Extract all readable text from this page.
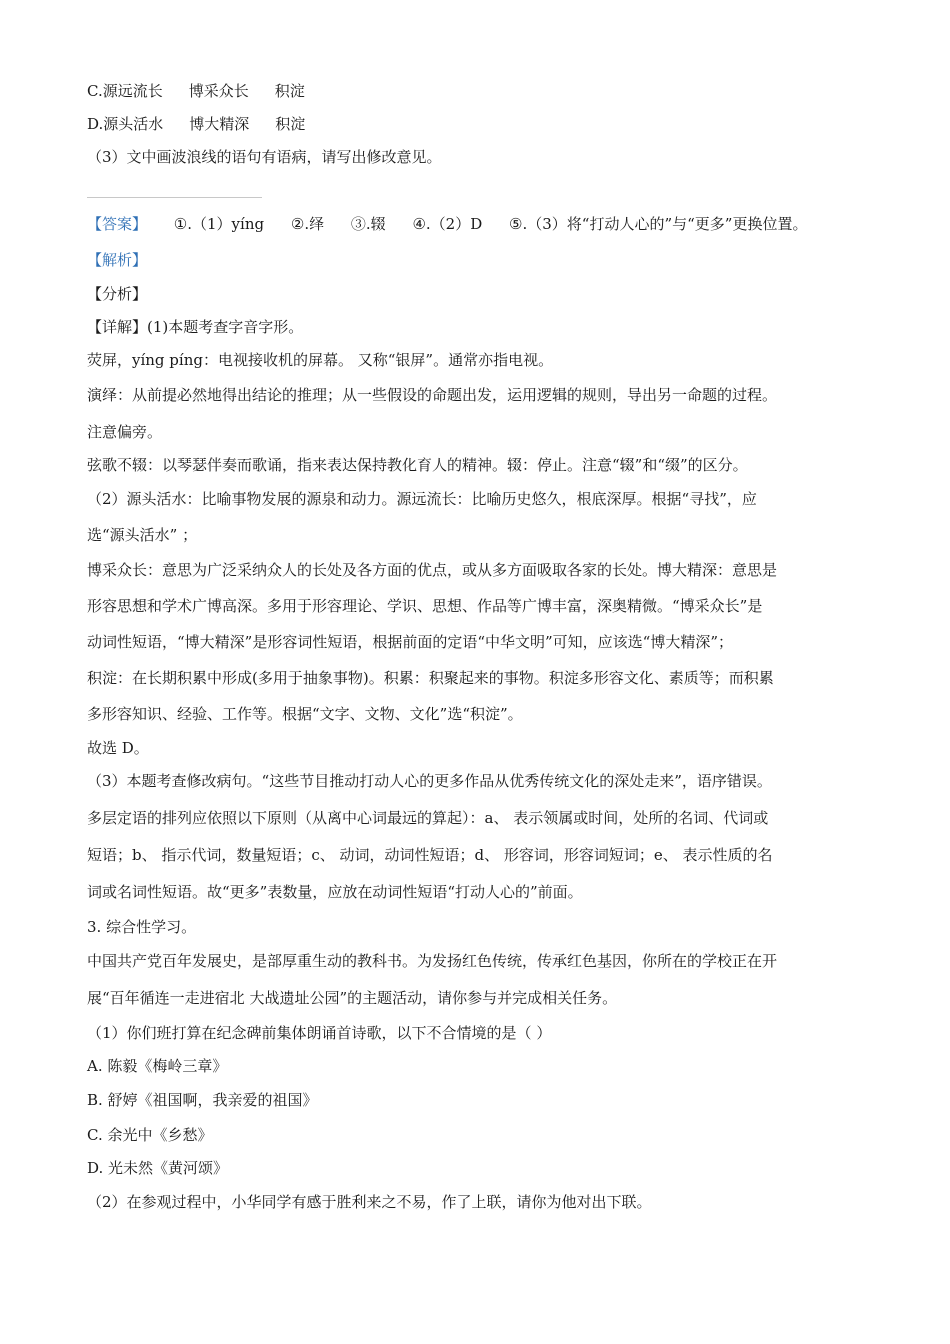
C.源远流长 博采众长 积淀
D.源头活水 博大精深 积淀
（3）文中画波浪线的语句有语病，请写出修改意见。
【答案】 ①.（1）yíng ②.绎 ③.辍 ④.（2）D ⑤.（3）将“打动人心的”与“更多”更换位置。
【解析】
【分析】
【详解】(1)本题考查字音字形。
荧屏，yíng píng：电视接收机的屏幕。 又称“银屏”。通常亦指电视。
演绎：从前提必然地得出结论的推理；从一些假设的命题出发，运用逻辑的规则，导出另一命题的过程。
注意偏旁。
弦歌不辍：以琴瑟伴奏而歌诵，指来表达保持教化育人的精神。辍：停止。注意“辍”和“缀”的区分。
（2）源头活水：比喻事物发展的源泉和动力。源远流长：比喻历史悠久，根底深厚。根据“寻找”，应
选“源头活水” ；
博采众长：意思为广泛采纳众人的长处及各方面的优点，或从多方面吸取各家的长处。博大精深：意思是
形容思想和学术广博高深。多用于形容理论、学识、思想、作品等广博丰富，深奥精微。“博采众长”是
动词性短语，“博大精深”是形容词性短语，根据前面的定语“中华文明”可知，应该选“博大精深”；
积淀：在长期积累中形成(多用于抽象事物)。积累：积聚起来的事物。积淀多形容文化、素质等；而积累
多形容知识、经验、工作等。根据“文字、文物、文化”选“积淀”。
故选 D。
（3）本题考查修改病句。“这些节目推动打动人心的更多作品从优秀传统文化的深处走来”，语序错误。
多层定语的排列应依照以下原则（从离中心词最远的算起）：a、 表示领属或时间，处所的名词、代词或
短语；b、 指示代词，数量短语；c、 动词，动词性短语；d、 形容词，形容词短词；e、 表示性质的名
词或名词性短语。故“更多”表数量，应放在动词性短语“打动人心的”前面。
3. 综合性学习。
中国共产党百年发展史，是部厚重生动的教科书。为发扬红色传统，传承红色基因，你所在的学校正在开
展“百年循连一走进宿北 大战遗址公园”的主题活动，请你参与并完成相关任务。
（1）你们班打算在纪念碑前集体朗诵首诗歌，以下不合情境的是（ ）
A. 陈毅《梅岭三章》
B. 舒婷《祖国啊，我亲爱的祖国》
C. 余光中《乡愁》
D. 光未然《黄河颂》
（2）在参观过程中，小华同学有感于胜利来之不易，作了上联，请你为他对出下联。
